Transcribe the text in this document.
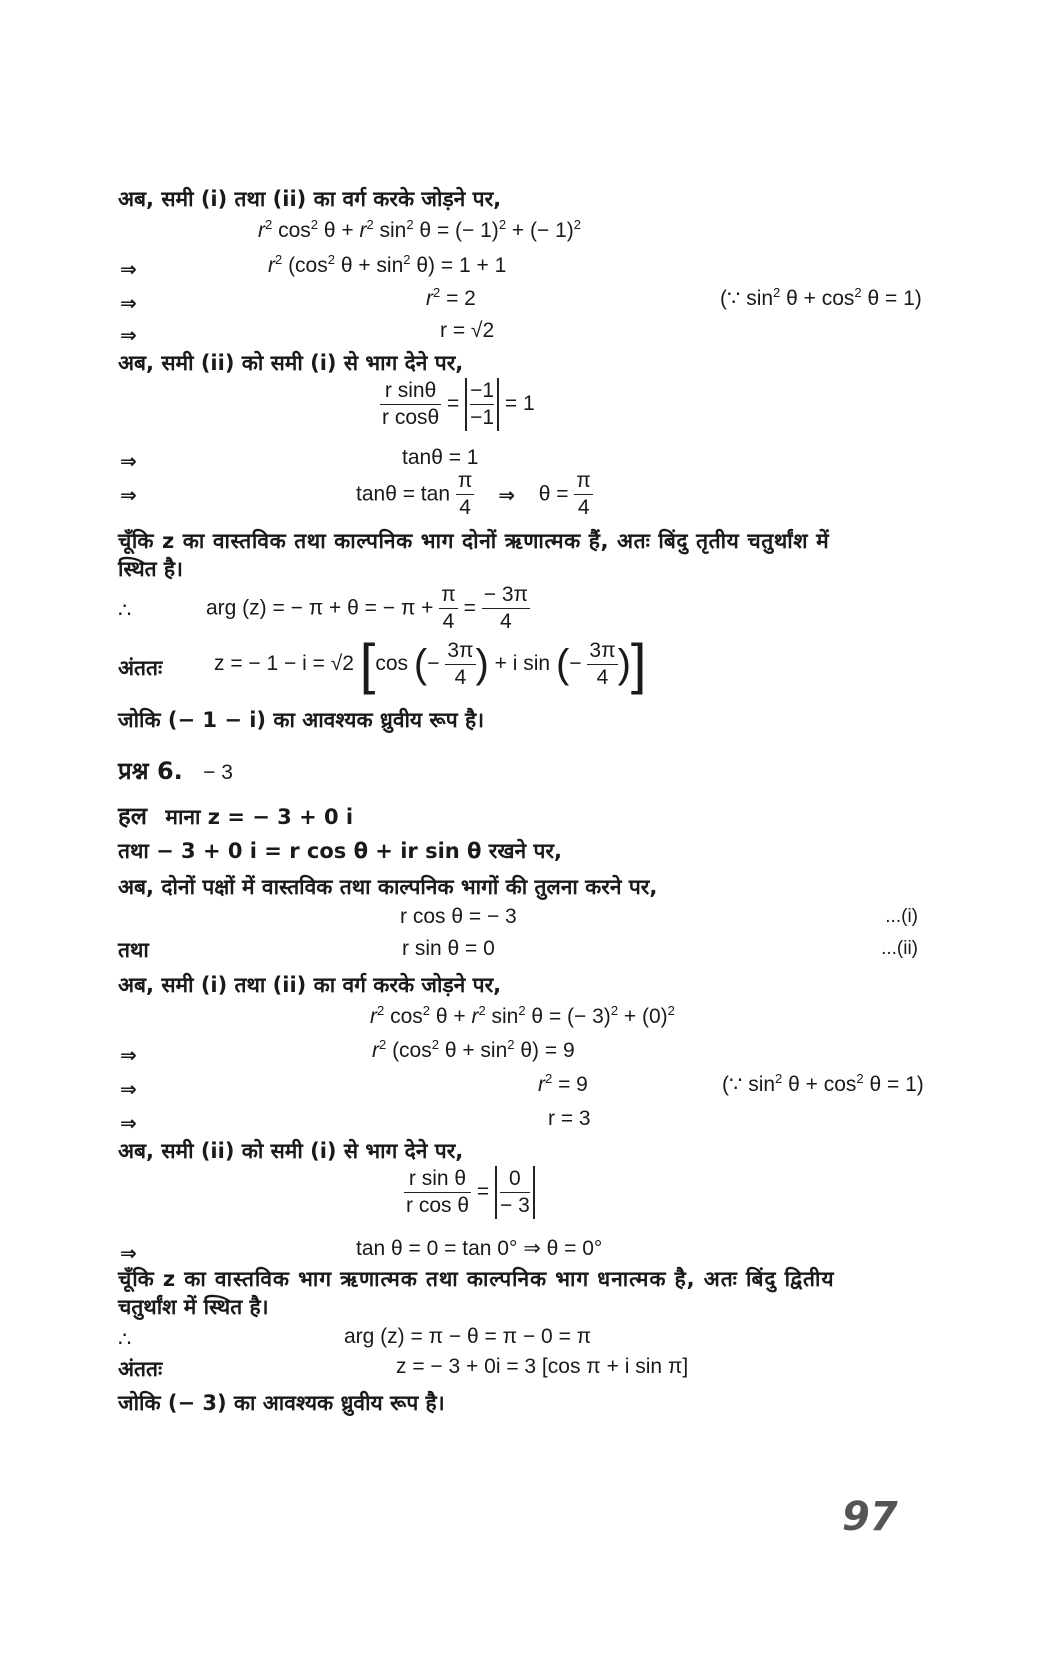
अब, समी (i) तथा (ii) का वर्ग करके जोड़ने पर,
$r^2$ $\cos^2 \theta + r^2$ $\sin^2 \theta$ = (− 1)$^2$ + (− 1)$^2$
⇒	$r^2$ ($\cos^2$ $\theta + \sin^2 \theta) = 1 + 1$
⇒	$r^2 = 2$	(∵ $\sin^2 \theta + \cos^2 \theta = 1$)
⇒	r = √2
अब, समी (ii) को समी (i) से भाग देने पर,
$\frac{\text{r sinθ}}{\text{r cosθ}} = \frac{-1}{-1} = 1$
⇒	tanθ = 1
⇒	$\tan\theta = \tan \frac{\pi}{4}$ ⇒ $\theta = \frac{\pi}{4}$
चूँकि z का वास्तविक तथा काल्पनिक भाग दोनों ऋणात्मक हैं, अतः बिंदु तृतीय चतुर्थांश में
स्थित है।
∴	arg (z) = − π + θ = − $\pi + \frac{\pi}{4} = \frac{- 3\pi}{4}$
अंततः z = − 1 − i = √2 [cos (− $\frac{3\pi}{4}$ ) + i sin (− $\frac{3\pi}{4}$ )]
जोकि (− 1 − i) का आवश्यक ध्रुवीय रूप है।
प्रश्न 6. − 3
हल माना z = − 3 + 0 i
तथा − 3 + 0 i = r cos θ + ir sin θ रखने पर,
अब, दोनों पक्षों में वास्तविक तथा काल्पनिक भागों की तुलना करने पर,
r cos θ = − 3	...(i)
तथा	r sin θ = 0	...(ii)
अब, समी (i) तथा (ii) का वर्ग करके जोड़ने पर,
$r^2$ $\cos^2 \theta + r^2$ $\sin^2 \theta$ = (− $3)^2 + (0)^2$
⇒	$r^2$ ($\cos^2$ $\theta + \sin^2 \theta) = 9$
⇒	$r^2 = 9$	(∵ $\sin^2 \theta + \cos^2 \theta = 1$)
⇒	r = 3
अब, समी (ii) को समी (i) से भाग देने पर,
$\frac{\text{r sin θ}}{\text{r cos θ}} = \frac{0}{- 3}$
⇒	tan θ = 0 = tan 0° ⇒ θ = 0°
चूँकि z का वास्तविक भाग ऋणात्मक तथा काल्पनिक भाग धनात्मक है, अतः बिंदु द्वितीय
चतुर्थांश में स्थित है।
∴	arg (z) = π − θ = π − 0 = π
अंततः	z = − 3 + 0i = 3 [cos π + i sin π]
जोकि (− 3) का आवश्यक ध्रुवीय रूप है।
97
